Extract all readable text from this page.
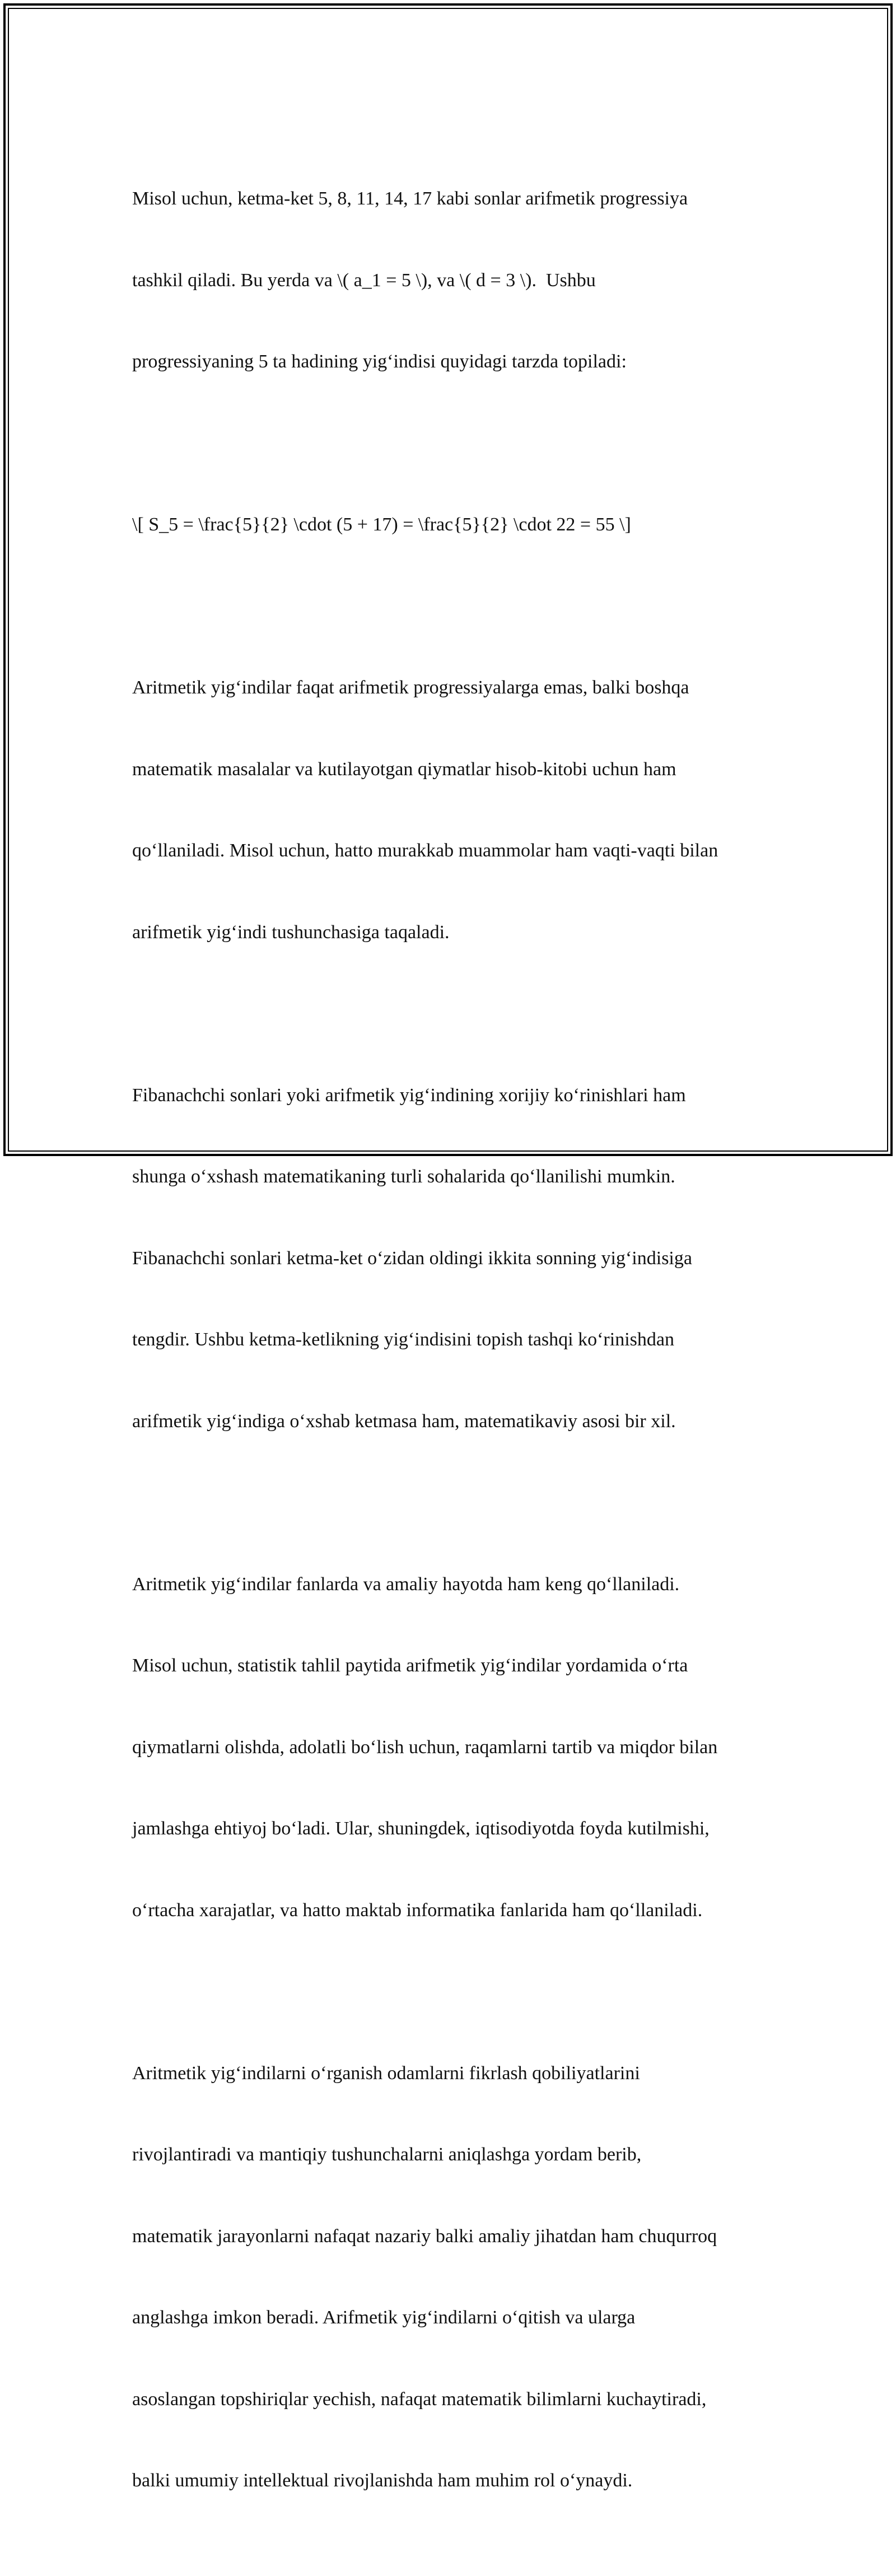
Misol uchun, ketma-ket 5, 8, 11, 14, 17 kabi sonlar arifmetik progressiya

tashkil qiladi. Bu yerda va \( a_1 = 5 \), va \( d = 3 \).  Ushbu

progressiyaning 5 ta hadining yig‘indisi quyidagi tarzda topiladi:

\[ S_5 = \frac{5}{2} \cdot (5 + 17) = \frac{5}{2} \cdot 22 = 55 \]

Aritmetik yig‘indilar faqat arifmetik progressiyalarga emas, balki boshqa

matematik masalalar va kutilayotgan qiymatlar hisob-kitobi uchun ham

qo‘llaniladi. Misol uchun, hatto murakkab muammolar ham vaqti-vaqti bilan

arifmetik yig‘indi tushunchasiga taqaladi.

Fibanachchi sonlari yoki arifmetik yig‘indining xorijiy ko‘rinishlari ham

shunga o‘xshash matematikaning turli sohalarida qo‘llanilishi mumkin.

Fibanachchi sonlari ketma-ket o‘zidan oldingi ikkita sonning yig‘indisiga

tengdir. Ushbu ketma-ketlikning yig‘indisini topish tashqi ko‘rinishdan

arifmetik yig‘indiga o‘xshab ketmasa ham, matematikaviy asosi bir xil.

Aritmetik yig‘indilar fanlarda va amaliy hayotda ham keng qo‘llaniladi.

Misol uchun, statistik tahlil paytida arifmetik yig‘indilar yordamida o‘rta

qiymatlarni olishda, adolatli bo‘lish uchun, raqamlarni tartib va miqdor bilan

jamlashga ehtiyoj bo‘ladi. Ular, shuningdek, iqtisodiyotda foyda kutilmishi,

o‘rtacha xarajatlar, va hatto maktab informatika fanlarida ham qo‘llaniladi.

Aritmetik yig‘indilarni o‘rganish odamlarni fikrlash qobiliyatlarini

rivojlantiradi va mantiqiy tushunchalarni aniqlashga yordam berib,

matematik jarayonlarni nafaqat nazariy balki amaliy jihatdan ham chuqurroq

anglashga imkon beradi. Arifmetik yig‘indilarni o‘qitish va ularga

asoslangan topshiriqlar yechish, nafaqat matematik bilimlarni kuchaytiradi,

balki umumiy intellektual rivojlanishda ham muhim rol o‘ynaydi.
